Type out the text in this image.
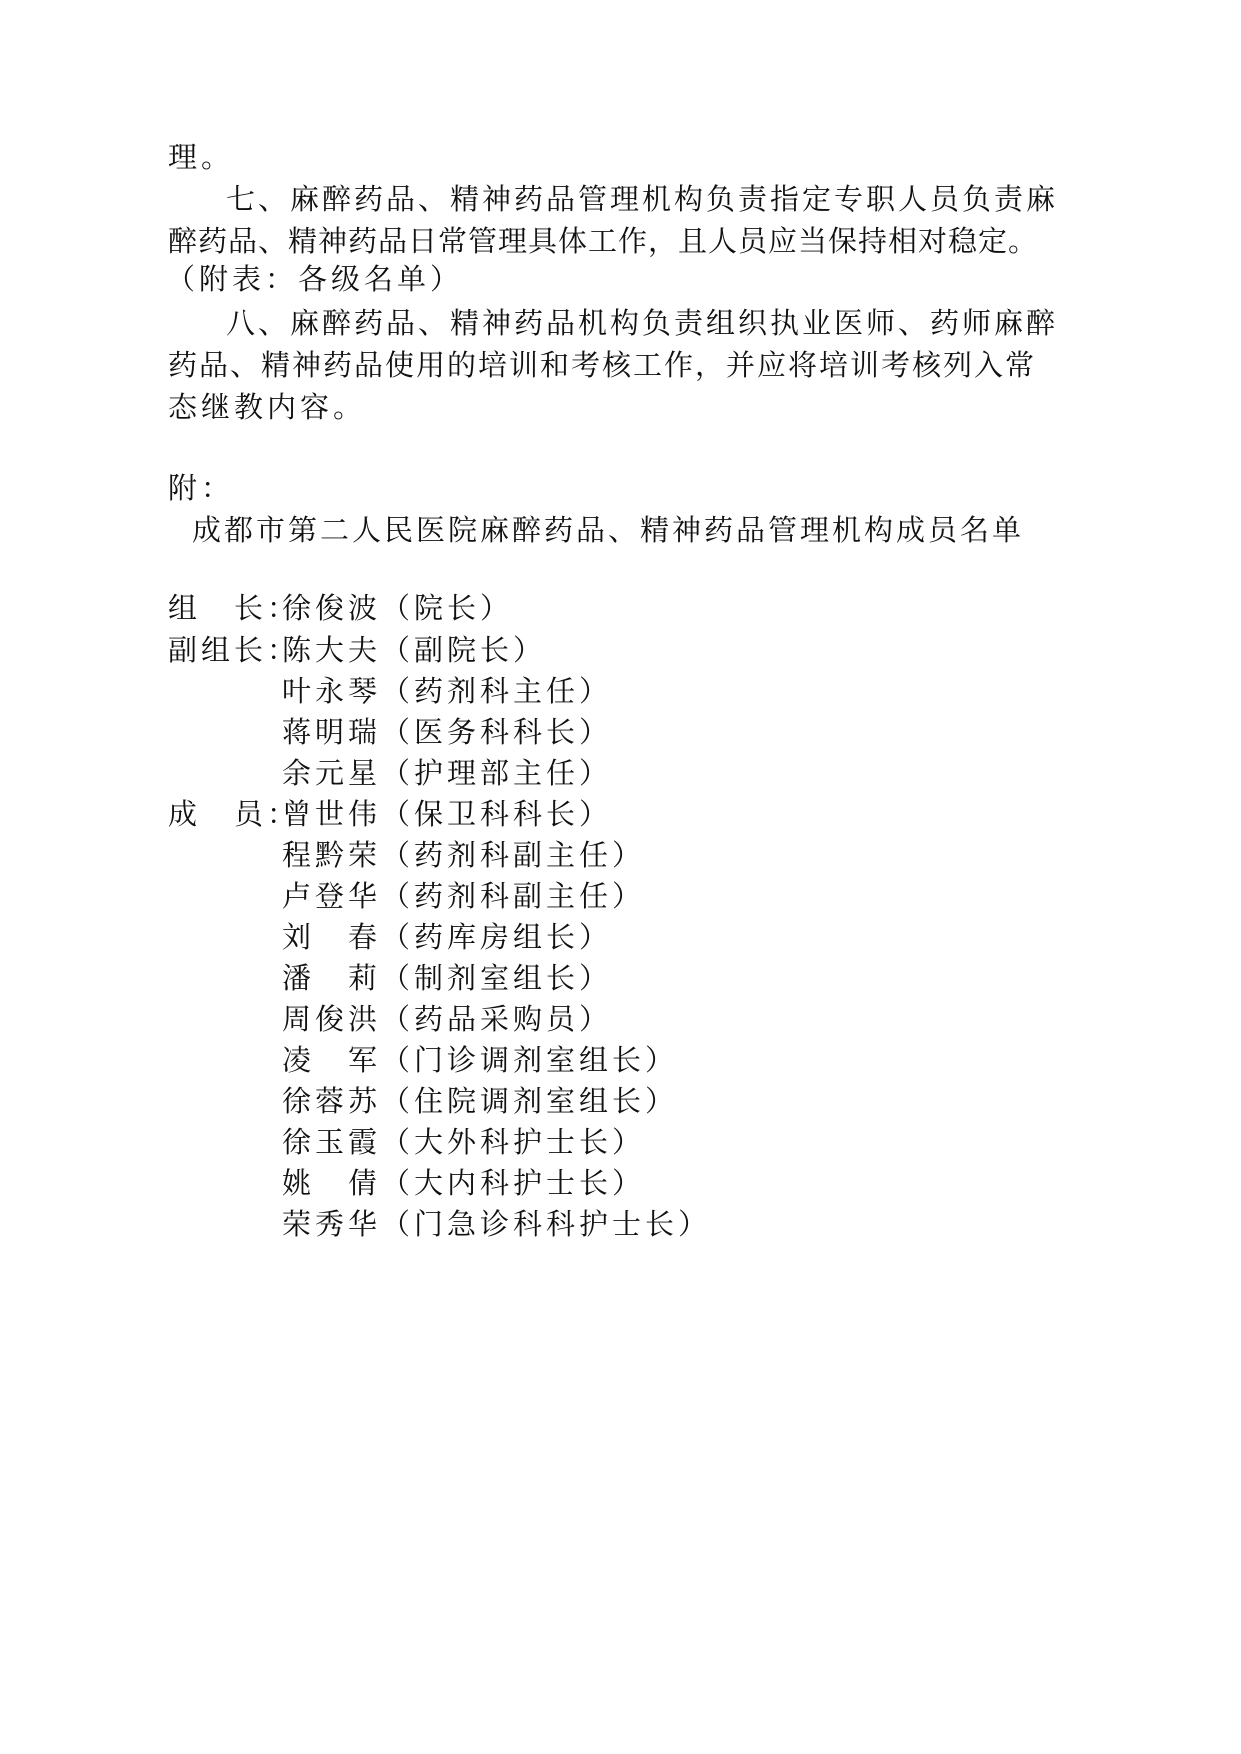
理。
七、麻醉药品、精神药品管理机构负责指定专职人员负责麻
醉药品、精神药品日常管理具体工作，且人员应当保持相对稳定。
（附表：各级名单）
八、麻醉药品、精神药品机构负责组织执业医师、药师麻醉
药品、精神药品使用的培训和考核工作，并应将培训考核列入常
态继教内容。
附：
成都市第二人民医院麻醉药品、精神药品管理机构成员名单
组　长：
副组长：
成　员：
徐俊波（院长）
陈大夫（副院长）
叶永琴（药剂科主任）
蒋明瑞（医务科科长）
余元星（护理部主任）
曾世伟（保卫科科长）
程黔荣（药剂科副主任）
卢登华（药剂科副主任）
刘　春（药库房组长）
潘　莉（制剂室组长）
周俊洪（药品采购员）
凌　军（门诊调剂室组长）
徐蓉苏（住院调剂室组长）
徐玉霞（大外科护士长）
姚　倩（大内科护士长）
荣秀华（门急诊科科护士长）
